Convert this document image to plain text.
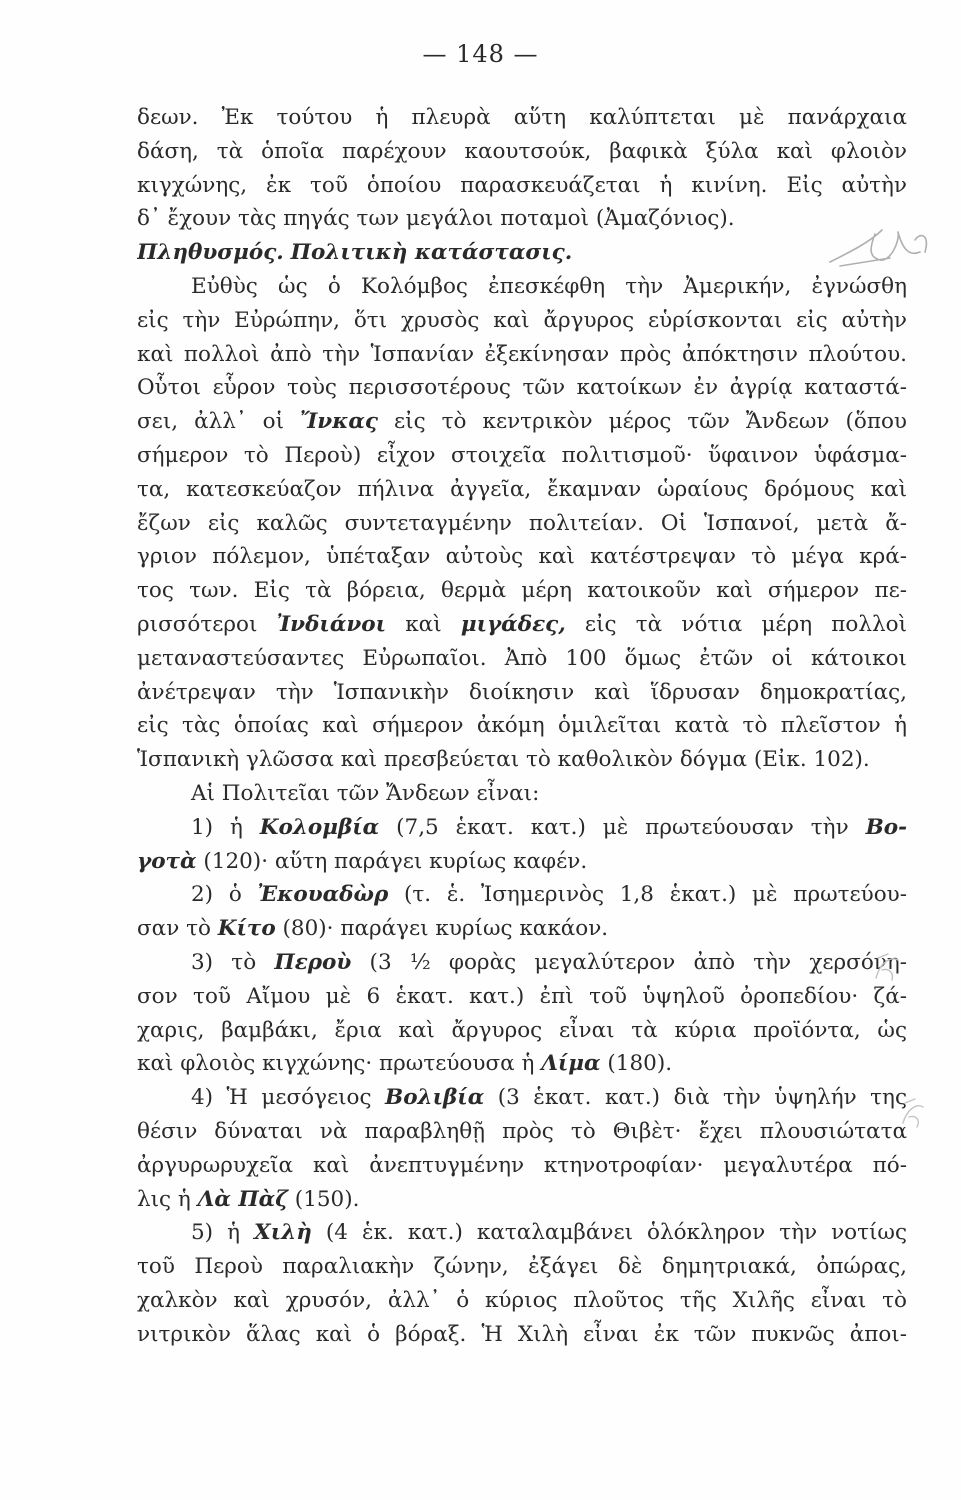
— 148 —
δεων. Ἐκ τούτου ἡ πλευρὰ αὕτη καλύπτεται μὲ πανάρχαια
δάση, τὰ ὁποῖα παρέχουν καουτσούκ, βαφικὰ ξύλα καὶ φλοιὸν
κιγχώνης, ἐκ τοῦ ὁποίου παρασκευάζεται ἡ κινίνη. Εἰς αὐτὴν
δ᾽ ἔχουν τὰς πηγάς των μεγάλοι ποταμοὶ (Ἀμαζόνιος).
Πληθυσμός. Πολιτικὴ κατάστασις.
Εὐθὺς ὡς ὁ Κολόμβος ἐπεσκέφθη τὴν Ἀμερικήν, ἐγνώσθη
εἰς τὴν Εὐρώπην, ὅτι χρυσὸς καὶ ἄργυρος εὑρίσκονται εἰς αὐτὴν
καὶ πολλοὶ ἀπὸ τὴν Ἱσπανίαν ἐξεκίνησαν πρὸς ἀπόκτησιν πλούτου.
Οὗτοι εὗρον τοὺς περισσοτέρους τῶν κατοίκων ἐν ἀγρίᾳ καταστά-
σει, ἀλλ᾽ οἱ Ἴνκας εἰς τὸ κεντρικὸν μέρος τῶν Ἄνδεων (ὅπου
σήμερον τὸ Περοὺ) εἶχον στοιχεῖα πολιτισμοῦ· ὕφαινον ὑφάσμα-
τα, κατεσκεύαζον πήλινα ἀγγεῖα, ἔκαμναν ὡραίους δρόμους καὶ
ἔζων εἰς καλῶς συντεταγμένην πολιτείαν. Οἱ Ἱσπανοί, μετὰ ἄ-
γριον πόλεμον, ὑπέταξαν αὐτοὺς καὶ κατέστρεψαν τὸ μέγα κρά-
τος των. Εἰς τὰ βόρεια, θερμὰ μέρη κατοικοῦν καὶ σήμερον πε-
ρισσότεροι Ἰνδιάνοι καὶ μιγάδες, εἰς τὰ νότια μέρη πολλοὶ
μεταναστεύσαντες Εὐρωπαῖοι. Ἀπὸ 100 ὅμως ἐτῶν οἱ κάτοικοι
ἀνέτρεψαν τὴν Ἱσπανικὴν διοίκησιν καὶ ἵδρυσαν δημοκρατίας,
εἰς τὰς ὁποίας καὶ σήμερον ἀκόμη ὁμιλεῖται κατὰ τὸ πλεῖστον ἡ
Ἱσπανικὴ γλῶσσα καὶ πρεσβεύεται τὸ καθολικὸν δόγμα (Εἰκ. 102).
Αἱ Πολιτεῖαι τῶν Ἄνδεων εἶναι:
1) ἡ Κολομβία (7,5 ἑκατ. κατ.) μὲ πρωτεύουσαν τὴν Βο-
γοτὰ (120)· αὕτη παράγει κυρίως καφέν.
2) ὁ Ἐκουαδὼρ (τ. ἑ. Ἰσημερινὸς 1,8 ἑκατ.) μὲ πρωτεύου-
σαν τὸ Κίτο (80)· παράγει κυρίως κακάον.
3) τὸ Περοὺ (3 ½ φορὰς μεγαλύτερον ἀπὸ τὴν χερσόνη-
σον τοῦ Αἴμου μὲ 6 ἑκατ. κατ.) ἐπὶ τοῦ ὑψηλοῦ ὀροπεδίου· ζά-
χαρις, βαμβάκι, ἔρια καὶ ἄργυρος εἶναι τὰ κύρια προϊόντα, ὡς
καὶ φλοιὸς κιγχώνης· πρωτεύουσα ἡ Λίμα (180).
4) Ἡ μεσόγειος Βολιβία (3 ἑκατ. κατ.) διὰ τὴν ὑψηλήν της
θέσιν δύναται νὰ παραβληθῇ πρὸς τὸ Θιβὲτ· ἔχει πλουσιώτατα
ἀργυρωρυχεῖα καὶ ἀνεπτυγμένην κτηνοτροφίαν· μεγαλυτέρα πό-
λις ἡ Λὰ Πὰζ (150).
5) ἡ Χιλὴ (4 ἑκ. κατ.) καταλαμβάνει ὁλόκληρον τὴν νοτίως
τοῦ Περοὺ παραλιακὴν ζώνην, ἐξάγει δὲ δημητριακά, ὀπώρας,
χαλκὸν καὶ χρυσόν, ἀλλ᾽ ὁ κύριος πλοῦτος τῆς Χιλῆς εἶναι τὸ
νιτρικὸν ἅλας καὶ ὁ βόραξ. Ἡ Χιλὴ εἶναι ἐκ τῶν πυκνῶς ἀποι-
